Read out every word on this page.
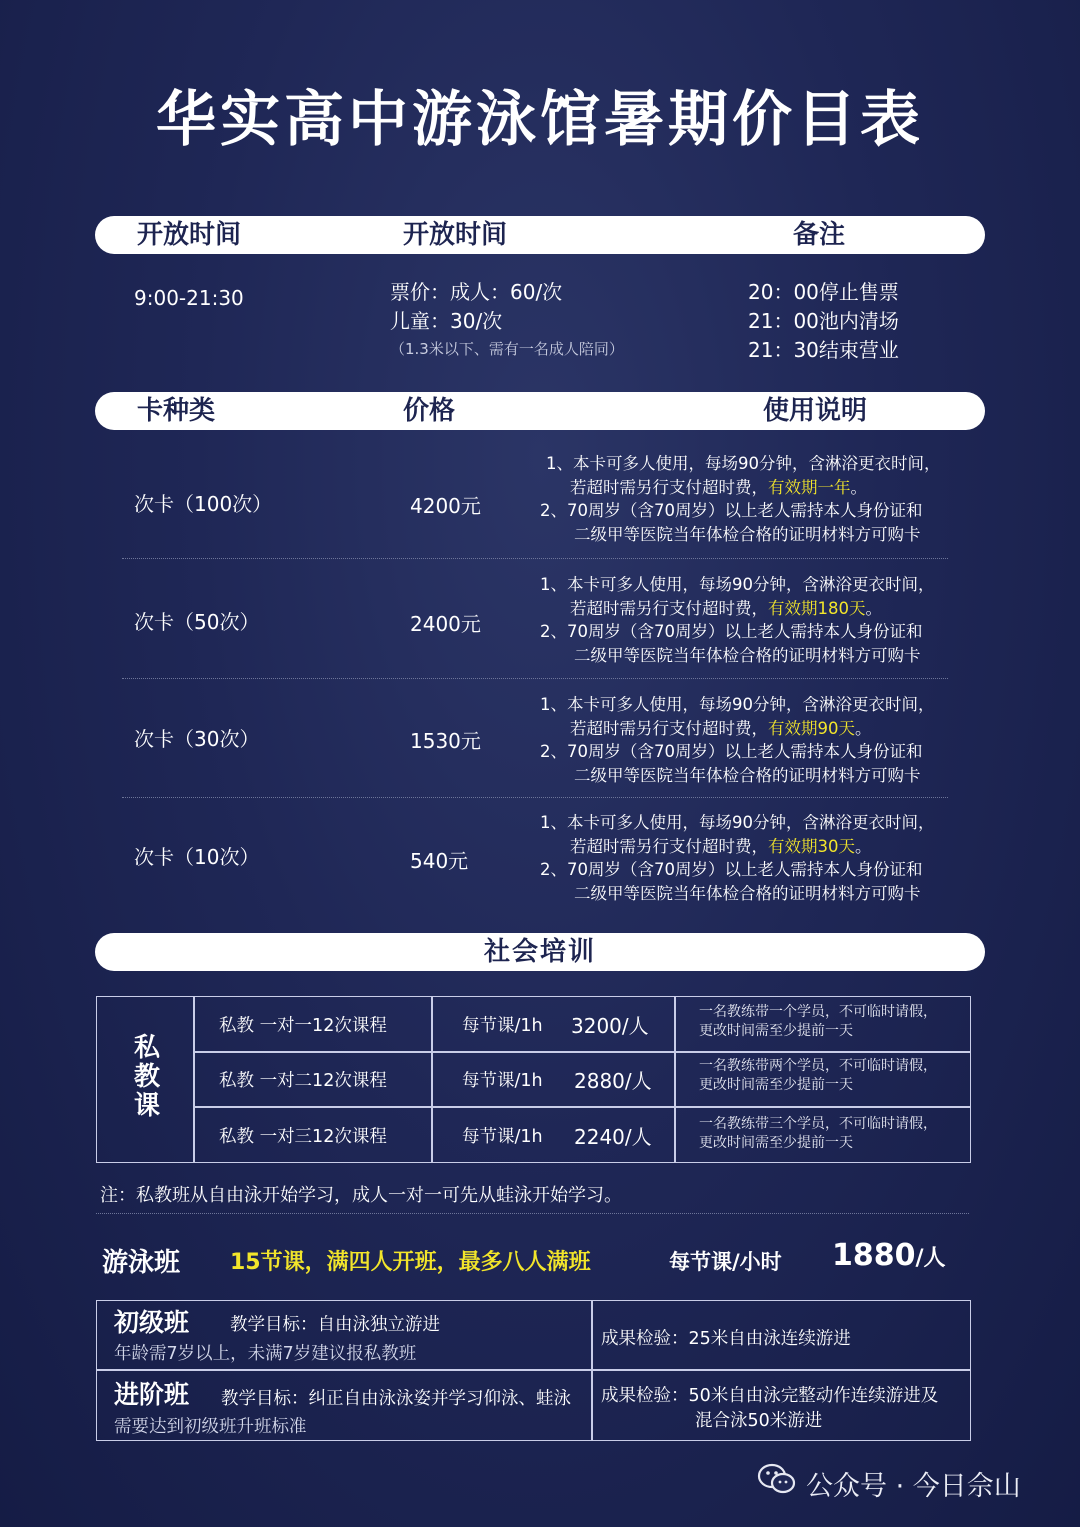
华实高中游泳馆暑期价目表
开放时间	开放时间	备注
9:00-21:30	票价：成人：60/次
儿童：30/次
（1.3米以下、需有一名成人陪同）
20：00停止售票
21：00池内清场
21：30结束营业
卡种类	价格	使用说明
次卡（100次）	4200元
1、本卡可多人使用，每场90分钟，含淋浴更衣时间，
若超时需另行支付超时费，有效期一年。
2、70周岁（含70周岁）以上老人需持本人身份证和
二级甲等医院当年体检合格的证明材料方可购卡
次卡（50次）	2400元
1、本卡可多人使用，每场90分钟，含淋浴更衣时间，
若超时需另行支付超时费，有效期180天。
2、70周岁（含70周岁）以上老人需持本人身份证和
二级甲等医院当年体检合格的证明材料方可购卡
次卡（30次）	1530元
1、本卡可多人使用，每场90分钟，含淋浴更衣时间，
若超时需另行支付超时费，有效期90天。
2、70周岁（含70周岁）以上老人需持本人身份证和
二级甲等医院当年体检合格的证明材料方可购卡
次卡（10次）	540元
1、本卡可多人使用，每场90分钟，含淋浴更衣时间，
若超时需另行支付超时费，有效期30天。
2、70周岁（含70周岁）以上老人需持本人身份证和
二级甲等医院当年体检合格的证明材料方可购卡
社会培训
私
教
课
私教 一对一12次课程	每节课/1h 3200/人
一名教练带一个学员，不可临时请假，
更改时间需至少提前一天
私教 一对二12次课程	每节课/1h 2880/人
一名教练带两个学员，不可临时请假，
更改时间需至少提前一天
私教 一对三12次课程	每节课/1h 2240/人
一名教练带三个学员，不可临时请假，
更改时间需至少提前一天
注：私教班从自由泳开始学习，成人一对一可先从蛙泳开始学习。
游泳班 15节课，满四人开班，最多八人满班	每节课/小时 1880/人
初级班 教学目标：自由泳独立游进
年龄需7岁以上，未满7岁建议报私教班
成果检验：25米自由泳连续游进
进阶班 教学目标：纠正自由泳泳姿并学习仰泳、蛙泳
需要达到初级班升班标准
成果检验：50米自由泳完整动作连续游进及
混合泳50米游进
公众号 · 今日佘山
